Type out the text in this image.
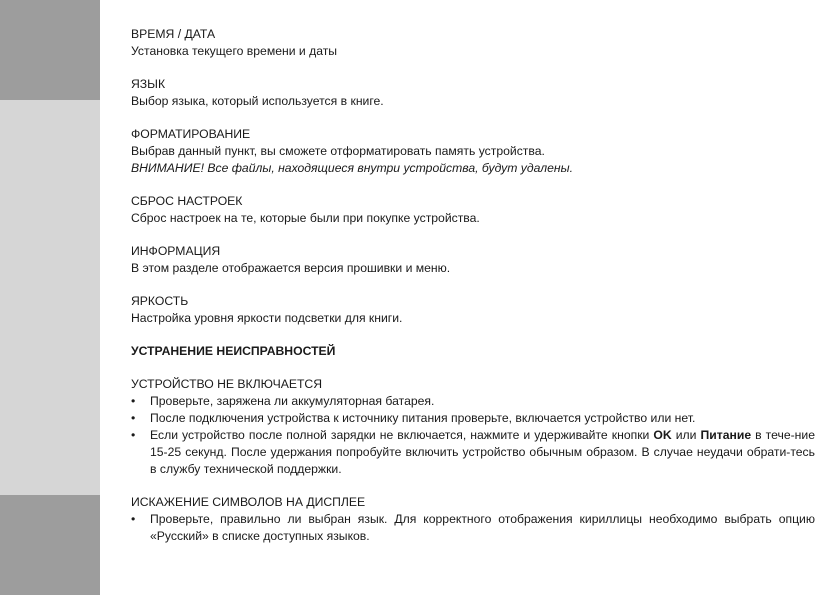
ВРЕМЯ / ДАТА

Установка текущего времени и даты

ЯЗЫК

Выбор языка, который используется в книге.

ФОРМАТИРОВАНИЕ

Выбрав данный пункт, вы сможете отформатировать память устройства.

ВНИМАНИЕ! Все файлы, находящиеся внутри устройства, будут удалены.

СБРОС НАСТРОЕК

Сброс настроек на те, которые были при покупке устройства.

ИНФОРМАЦИЯ

В этом разделе отображается версия прошивки и меню.

ЯРКОСТЬ

Настройка уровня яркости подсветки для книги.

УСТРАНЕНИЕ НЕИСПРАВНОСТЕЙ

УСТРОЙСТВО НЕ ВКЛЮЧАЕТСЯ

• Проверьте, заряжена ли аккумуляторная батарея.

• После подключения устройства к источнику питания проверьте, включается устройство или нет.

• Если устройство после полной зарядки не включается, нажмите и удерживайте кнопки OK или Питание в тече-ние 15-25 секунд. После удержания попробуйте включить устройство обычным образом. В случае неудачи обрати-тесь в службу технической поддержки.

ИСКАЖЕНИЕ СИМВОЛОВ НА ДИСПЛЕЕ

• Проверьте, правильно ли выбран язык. Для корректного отображения кириллицы необходимо выбрать опцию «Русский» в списке доступных языков.
